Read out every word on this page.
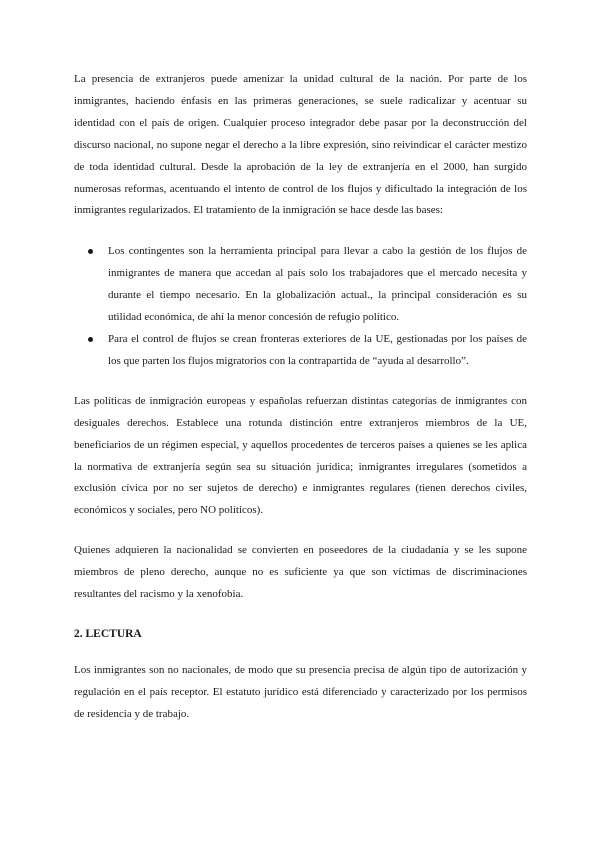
La presencia de extranjeros puede amenizar la unidad cultural de la nación. Por parte de los inmigrantes, haciendo énfasis en las primeras generaciones, se suele radicalizar y acentuar su identidad con el país de origen. Cualquier proceso integrador debe pasar por la deconstrucción del discurso nacional, no supone negar el derecho a la libre expresión, sino reivindicar el carácter mestizo de toda identidad cultural. Desde la aprobación de la ley de extranjería en el 2000, han surgido numerosas reformas, acentuando el intento de control de los flujos y dificultado la integración de los inmigrantes regularizados. El tratamiento de la inmigración se hace desde las bases:

Los contingentes son la herramienta principal para llevar a cabo la gestión de los flujos de inmigrantes de manera que accedan al país solo los trabajadores que el mercado necesita y durante el tiempo necesario. En la globalización actual., la principal consideración es su utilidad económica, de ahí la menor concesión de refugio político.
Para el control de flujos se crean fronteras exteriores de la UE, gestionadas por los países de los que parten los flujos migratorios con la contrapartida de “ayuda al desarrollo”.

Las políticas de inmigración europeas y españolas refuerzan distintas categorías de inmigrantes con desiguales derechos. Establece una rotunda distinción entre extranjeros miembros de la UE, beneficiarios de un régimen especial, y aquellos procedentes de terceros países a quienes se les aplica la normativa de extranjería según sea su situación jurídica; inmigrantes irregulares (sometidos a exclusión cívica por no ser sujetos de derecho) e inmigrantes regulares (tienen derechos civiles, económicos y sociales, pero NO políticos).

Quienes adquieren la nacionalidad se convierten en poseedores de la ciudadanía y se les supone miembros de pleno derecho, aunque no es suficiente ya que son víctimas de discriminaciones resultantes del racismo y la xenofobia.

2. LECTURA

Los inmigrantes son no nacionales, de modo que su presencia precisa de algún tipo de autorización y regulación en el país receptor. El estatuto jurídico está diferenciado y caracterizado por los permisos de residencia y de trabajo.
